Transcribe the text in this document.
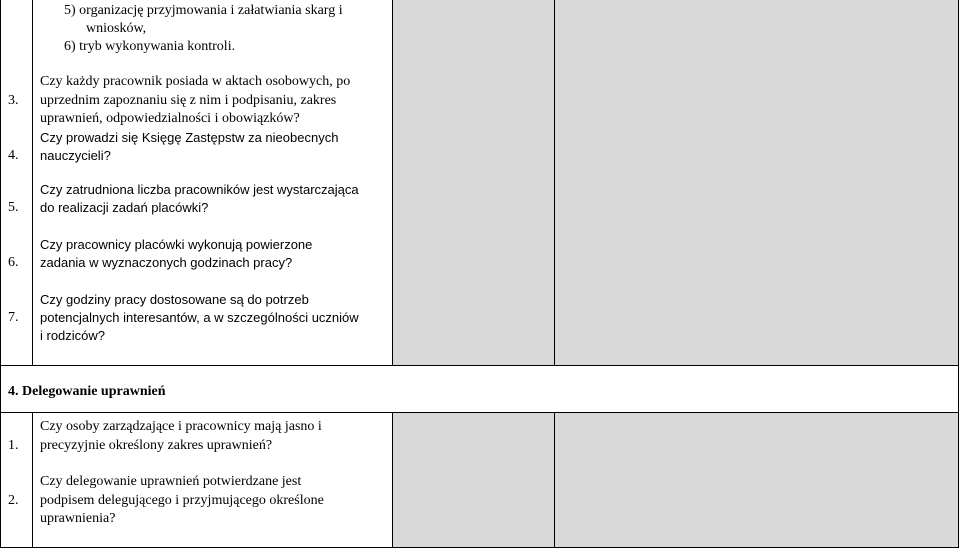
5) organizację przyjmowania i załatwiania skarg i
wniosków,
6) tryb wykonywania kontroli.
3.
Czy każdy pracownik posiada w aktach osobowych, po
uprzednim zapoznaniu się z nim i podpisaniu, zakres
uprawnień, odpowiedzialności i obowiązków?
4.
Czy prowadzi się Księgę Zastępstw za nieobecnych
nauczycieli?
5.
Czy zatrudniona liczba pracowników jest wystarczająca
do realizacji zadań placówki?
6.
Czy pracownicy placówki wykonują powierzone
zadania w wyznaczonych godzinach pracy?
7.
Czy godziny pracy dostosowane są do potrzeb
potencjalnych interesantów, a w szczególności uczniów
i rodziców?
4. Delegowanie uprawnień
1.
Czy osoby zarządzające i pracownicy mają jasno i
precyzyjnie określony zakres uprawnień?
2.
Czy delegowanie uprawnień potwierdzane jest
podpisem delegującego i przyjmującego określone
uprawnienia?
